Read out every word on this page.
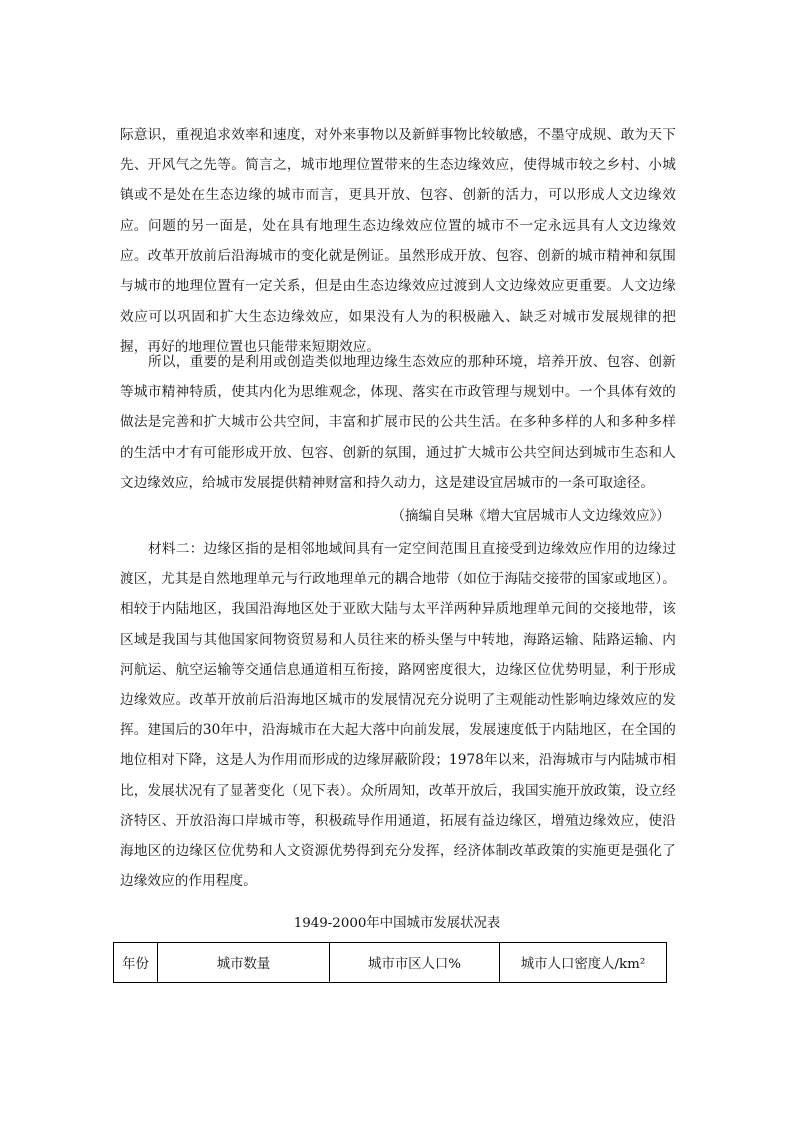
际意识，重视追求效率和速度，对外来事物以及新鲜事物比较敏感，不墨守成规、敢为天下先、开风气之先等。简言之，城市地理位置带来的生态边缘效应，使得城市较之乡村、小城镇或不是处在生态边缘的城市而言，更具开放、包容、创新的活力，可以形成人文边缘效应。 问题的另一面是，处在具有地理生态边缘效应位置的城市不一定永远具有人文边缘效应。改革开放前后沿海城市的变化就是例证。虽然形成开放、包容、创新的城市精神和氛围与城市的地理位置有一定关系，但是由生态边缘效应过渡到人文边缘效应更重要。人文边缘效应可以巩固和扩大生态边缘效应，如果没有人为的积极融入、缺乏对城市发展规律的把握，再好的地理位置也只能带来短期效应。

所以，重要的是利用或创造类似地理边缘生态效应的那种环境，培养开放、包容、创新等城市精神特质，使其内化为思维观念，体现、落实在市政管理与规划中。一个具体有效的做法是完善和扩大城市公共空间，丰富和扩展市民的公共生活。在多种多样的人和多种多样的生活中才有可能形成开放、包容、创新的氛围，通过扩大城市公共空间达到城市生态和人文边缘效应，给城市发展提供精神财富和持久动力，这是建设宜居城市的一条可取途径。

（摘编自吴琳《增大宜居城市人文边缘效应》）

材料二：边缘区指的是相邻地域间具有一定空间范围且直接受到边缘效应作用的边缘过渡区，尤其是自然地理单元与行政地理单元的耦合地带（如位于海陆交接带的国家或地区）。相较于内陆地区，我国沿海地区处于亚欧大陆与太平洋两种异质地理单元间的交接地带，该区域是我国与其他国家间物资贸易和人员往来的桥头堡与中转地，海路运输、陆路运输、内河航运、航空运输等交通信息通道相互衔接，路网密度很大，边缘区位优势明显，利于形成边缘效应。改革开放前后沿海地区城市的发展情况充分说明了主观能动性影响边缘效应的发挥。建国后的30年中，沿海城市在大起大落中向前发展，发展速度低于内陆地区，在全国的地位相对下降，这是人为作用而形成的边缘屏蔽阶段；1978年以来，沿海城市与内陆城市相比，发展状况有了显著变化（见下表）。众所周知，改革开放后，我国实施开放政策，设立经济特区、开放沿海口岸城市等，积极疏导作用通道，拓展有益边缘区，增殖边缘效应，使沿海地区的边缘区位优势和人文资源优势得到充分发挥，经济体制改革政策的实施更是强化了边缘效应的作用程度。

1949-2000年中国城市发展状况表

年份	城市数量	城市市区人口%	城市人口密度人/km²
